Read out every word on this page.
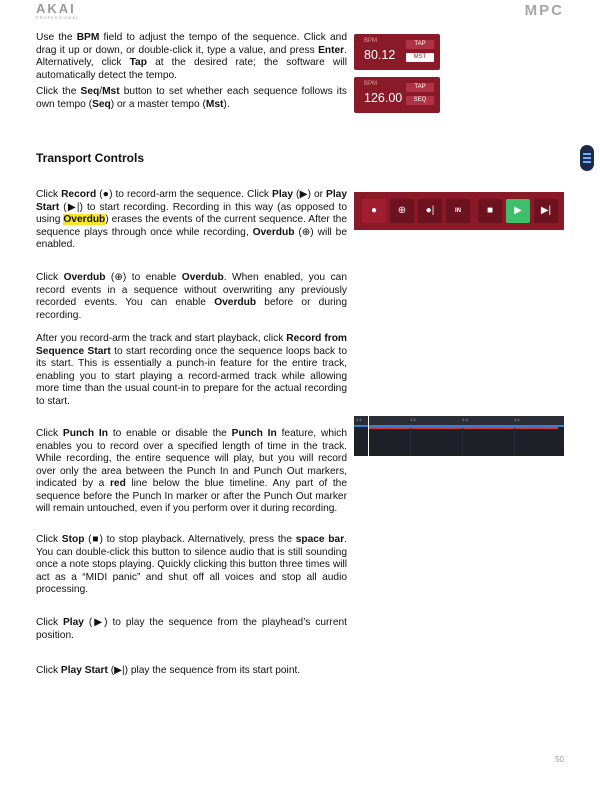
AKAI
PROFESSIONAL	MPC

Use the BPM field to adjust the tempo of the sequence. Click and drag it up or down, or double-click it, type a value, and press Enter. Alternatively, click Tap at the desired rate; the software will automatically detect the tempo.

Click the Seq/Mst button to set whether each sequence follows its own tempo (Seq) or a master tempo (Mst).

BPM
80.12
TAP
MST
BPM
126.00
TAP
SEQ
Transport Controls

Click Record (●) to record-arm the sequence. Click Play (▶) or Play Start (▶|) to start recording. Recording in this way (as opposed to using Overdub) erases the events of the current sequence. After the sequence plays through once while recording, Overdub (⊕) will be enabled.

●	⊕	●|	IN	■	▶	▶|

Click Overdub (⊕) to enable Overdub. When enabled, you can record events in a sequence without overwriting any previously recorded events. You can enable Overdub before or during recording.

After you record-arm the track and start playback, click Record from Sequence Start to start recording once the sequence loops back to its start. This is essentially a punch-in feature for the entire track, enabling you to start playing a record-armed track while allowing more time than the usual count-in to prepare for the actual recording to start.

1.1	1.2	1.3	1.4

Click Punch In to enable or disable the Punch In feature, which enables you to record over a specified length of time in the track. While recording, the entire sequence will play, but you will record over only the area between the Punch In and Punch Out markers, indicated by a red line below the blue timeline. Any part of the sequence before the Punch In marker or after the Punch Out marker will remain untouched, even if you perform over it during recording.

Click Stop (■) to stop playback. Alternatively, press the space bar. You can double-click this button to silence audio that is still sounding once a note stops playing. Quickly clicking this button three times will act as a “MIDI panic” and shut off all voices and stop all audio processing.

Click Play (▶) to play the sequence from the playhead’s current position.

Click Play Start (▶|) play the sequence from its start point.

50
